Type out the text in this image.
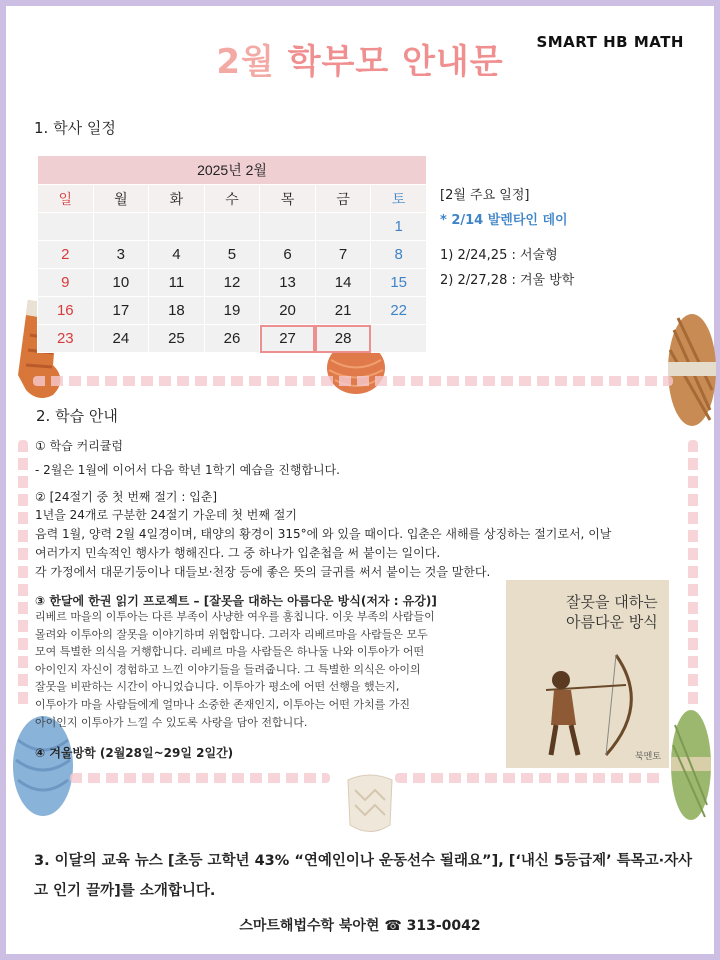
2월 학부모 안내문	SMART HB MATH
1. 학사 일정
2025년 2월						
일	월	화	수	목	금	토
						1
2	3	4	5	6	7	8
9	10	11	12	13	14	15
16	17	18	19	20	21	22
23	24	25	26	27	28	
[2월 주요 일정]
* 2/14 발렌타인 데이
1) 2/24,25 : 서술형
2) 2/27,28 : 겨울 방학
2. 학습 안내
① 학습 커리큘럼
- 2월은 1월에 이어서 다음 학년 1학기 예습을 진행합니다.
② [24절기 중 첫 번째 절기 : 입춘]
1년을 24개로 구분한 24절기 가운데 첫 번째 절기
음력 1월, 양력 2월 4일경이며, 태양의 황경이 315°에 와 있을 때이다. 입춘은 새해를 상징하는 절기로서, 이날
여러가지 민속적인 행사가 행해진다. 그 중 하나가 입춘첩을 써 붙이는 일이다.
각 가정에서 대문기둥이나 대들보·천장 등에 좋은 뜻의 글귀를 써서 붙이는 것을 말한다.
③ 한달에 한권 읽기 프로젝트 – [잘못을 대하는 아름다운 방식(저자 : 유강)]
리베르 마을의 이투아는 다른 부족이 사냥한 여우를 훔칩니다. 이웃 부족의 사람들이
몰려와 이투아의 잘못을 이야기하며 위협합니다. 그러자 리베르마을 사람들은 모두
모여 특별한 의식을 거행합니다. 리베르 마을 사람들은 하나둘 나와 이투아가 어떤
아이인지 자신이 경험하고 느낀 이야기들을 들려줍니다. 그 특별한 의식은 아이의
잘못을 비판하는 시간이 아니었습니다. 이투아가 평소에 어떤 선행을 했는지,
이투아가 마을 사람들에게 얼마나 소중한 존재인지, 이투아는 어떤 가치를 가진
아이인지 이투아가 느낄 수 있도록 사랑을 담아 전합니다.
잘못을 대하는
아름다운 방식
북멘토
④ 겨울방학 (2월28일~29일 2일간)
3. 이달의 교육 뉴스 [초등 고학년 43% “연예인이나 운동선수 될래요”], [‘내신 5등급제’ 특목고·자사고 인기 끌까]를 소개합니다.
스마트해법수학 북아현 ☎ 313-0042
